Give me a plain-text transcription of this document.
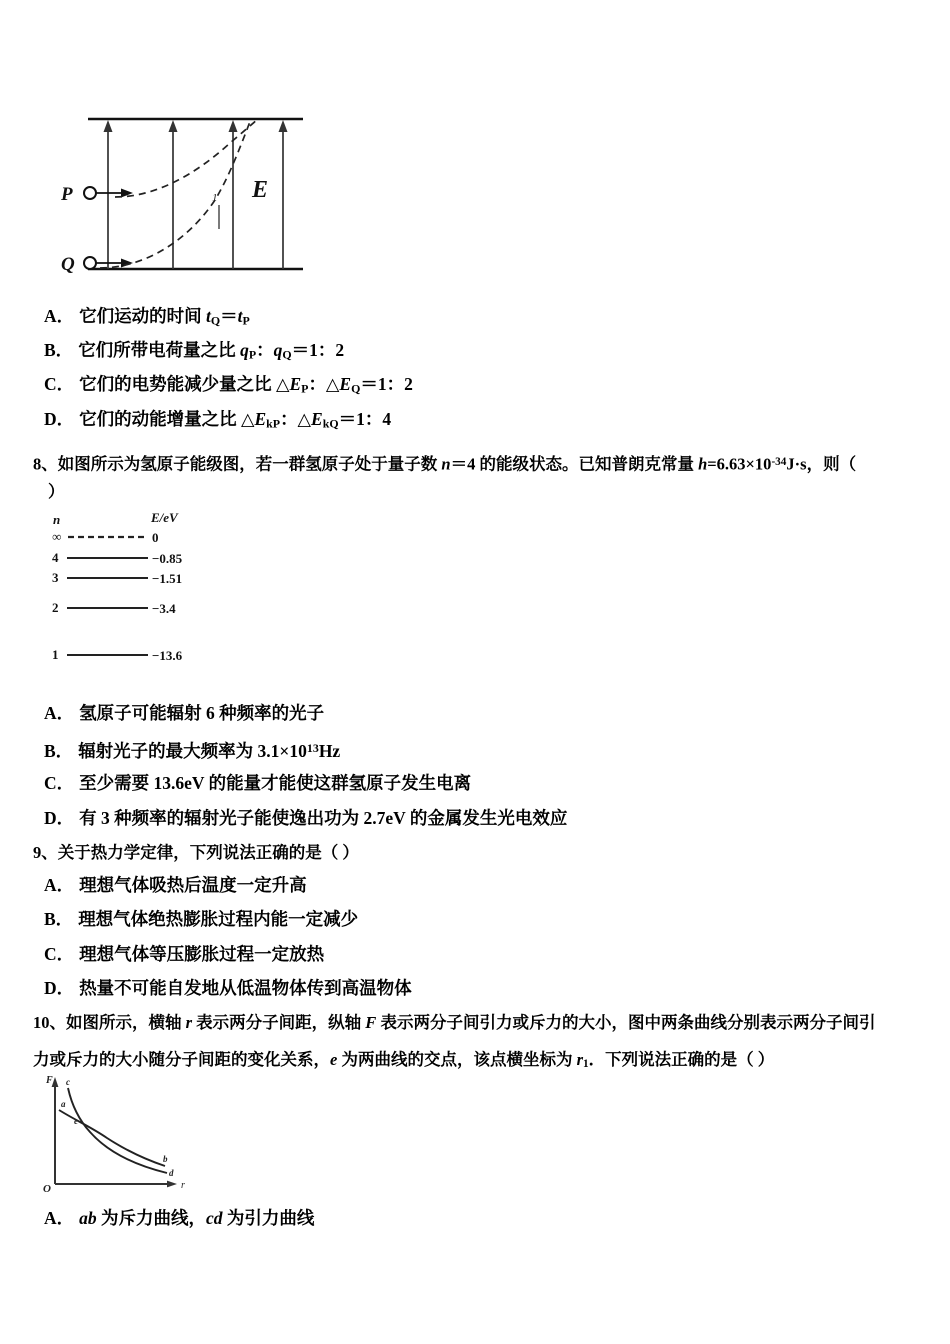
P
Q
E
1
A． 它们运动的时间 $t_Q=t_P$
B． 它们所带电荷量之比 $q_P$：$q_Q=1$：2
C． 它们的电势能减少量之比 $\triangle E_P$：$\triangle E_Q=1$：2
D． 它们的动能增量之比 $\triangle E_{kP}$：$\triangle E_{kQ}=1$：4
8、如图所示为氢原子能级图，若一群氢原子处于量子数 n＝4 的能级状态。已知普朗克常量 $h=6.63\times 10^{-34}J\cdot s$，则（
）
n	E/eV
∞	0
4	−0.85
3	−1.51
2	−3.4
1	−13.6
A． 氢原子可能辐射 6 种频率的光子
B． 辐射光子的最大频率为 $3.1\times 10^{13}Hz$
C． 至少需要 13.6eV 的能量才能使这群氢原子发生电离
D． 有 3 种频率的辐射光子能使逸出功为 2.7eV 的金属发生光电效应
9、关于热力学定律，下列说法正确的是（ ）
A． 理想气体吸热后温度一定升高
B． 理想气体绝热膨胀过程内能一定减少
C． 理想气体等压膨胀过程一定放热
D． 热量不可能自发地从低温物体传到高温物体
10、如图所示，横轴 r 表示两分子间距，纵轴 F 表示两分子间引力或斥力的大小，图中两条曲线分别表示两分子间引
力或斥力的大小随分子间距的变化关系，e 为两曲线的交点，该点横坐标为 $r_1$．下列说法正确的是（ ）
F
r
O
a
b
c
d
e
A． ab 为斥力曲线，cd 为引力曲线
